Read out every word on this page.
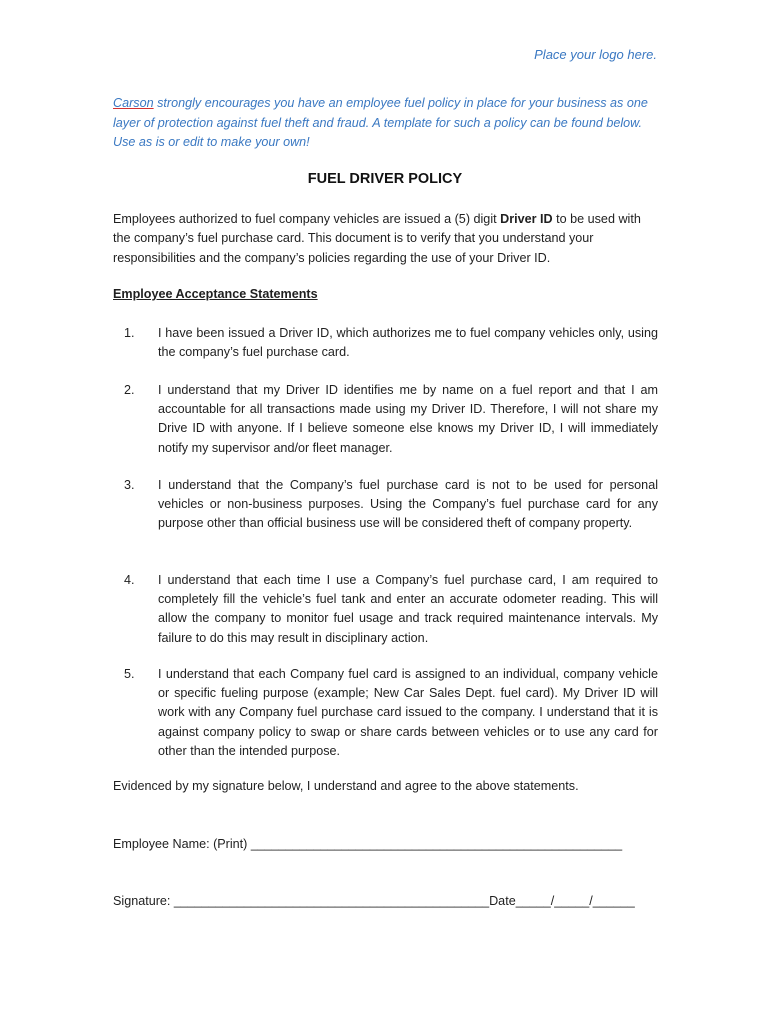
Place your logo here.
Carson strongly encourages you have an employee fuel policy in place for your business as one layer of protection against fuel theft and fraud. A template for such a policy can be found below. Use as is or edit to make your own!
FUEL DRIVER POLICY
Employees authorized to fuel company vehicles are issued a (5) digit Driver ID to be used with the company’s fuel purchase card. This document is to verify that you understand your responsibilities and the company’s policies regarding the use of your Driver ID.
Employee Acceptance Statements
1. I have been issued a Driver ID, which authorizes me to fuel company vehicles only, using the company’s fuel purchase card.
2. I understand that my Driver ID identifies me by name on a fuel report and that I am accountable for all transactions made using my Driver ID. Therefore, I will not share my Drive ID with anyone. If I believe someone else knows my Driver ID, I will immediately notify my supervisor and/or fleet manager.
3. I understand that the Company’s fuel purchase card is not to be used for personal vehicles or non-business purposes. Using the Company’s fuel purchase card for any purpose other than official business use will be considered theft of company property.
4. I understand that each time I use a Company’s fuel purchase card, I am required to completely fill the vehicle’s fuel tank and enter an accurate odometer reading. This will allow the company to monitor fuel usage and track required maintenance intervals. My failure to do this may result in disciplinary action.
5. I understand that each Company fuel card is assigned to an individual, company vehicle or specific fueling purpose (example; New Car Sales Dept. fuel card). My Driver ID will work with any Company fuel purchase card issued to the company. I understand that it is against company policy to swap or share cards between vehicles or to use any card for other than the intended purpose.
Evidenced by my signature below, I understand and agree to the above statements.
Employee Name: (Print) _____________________________________________________
Signature: _____________________________________________Date_____/_____/______
